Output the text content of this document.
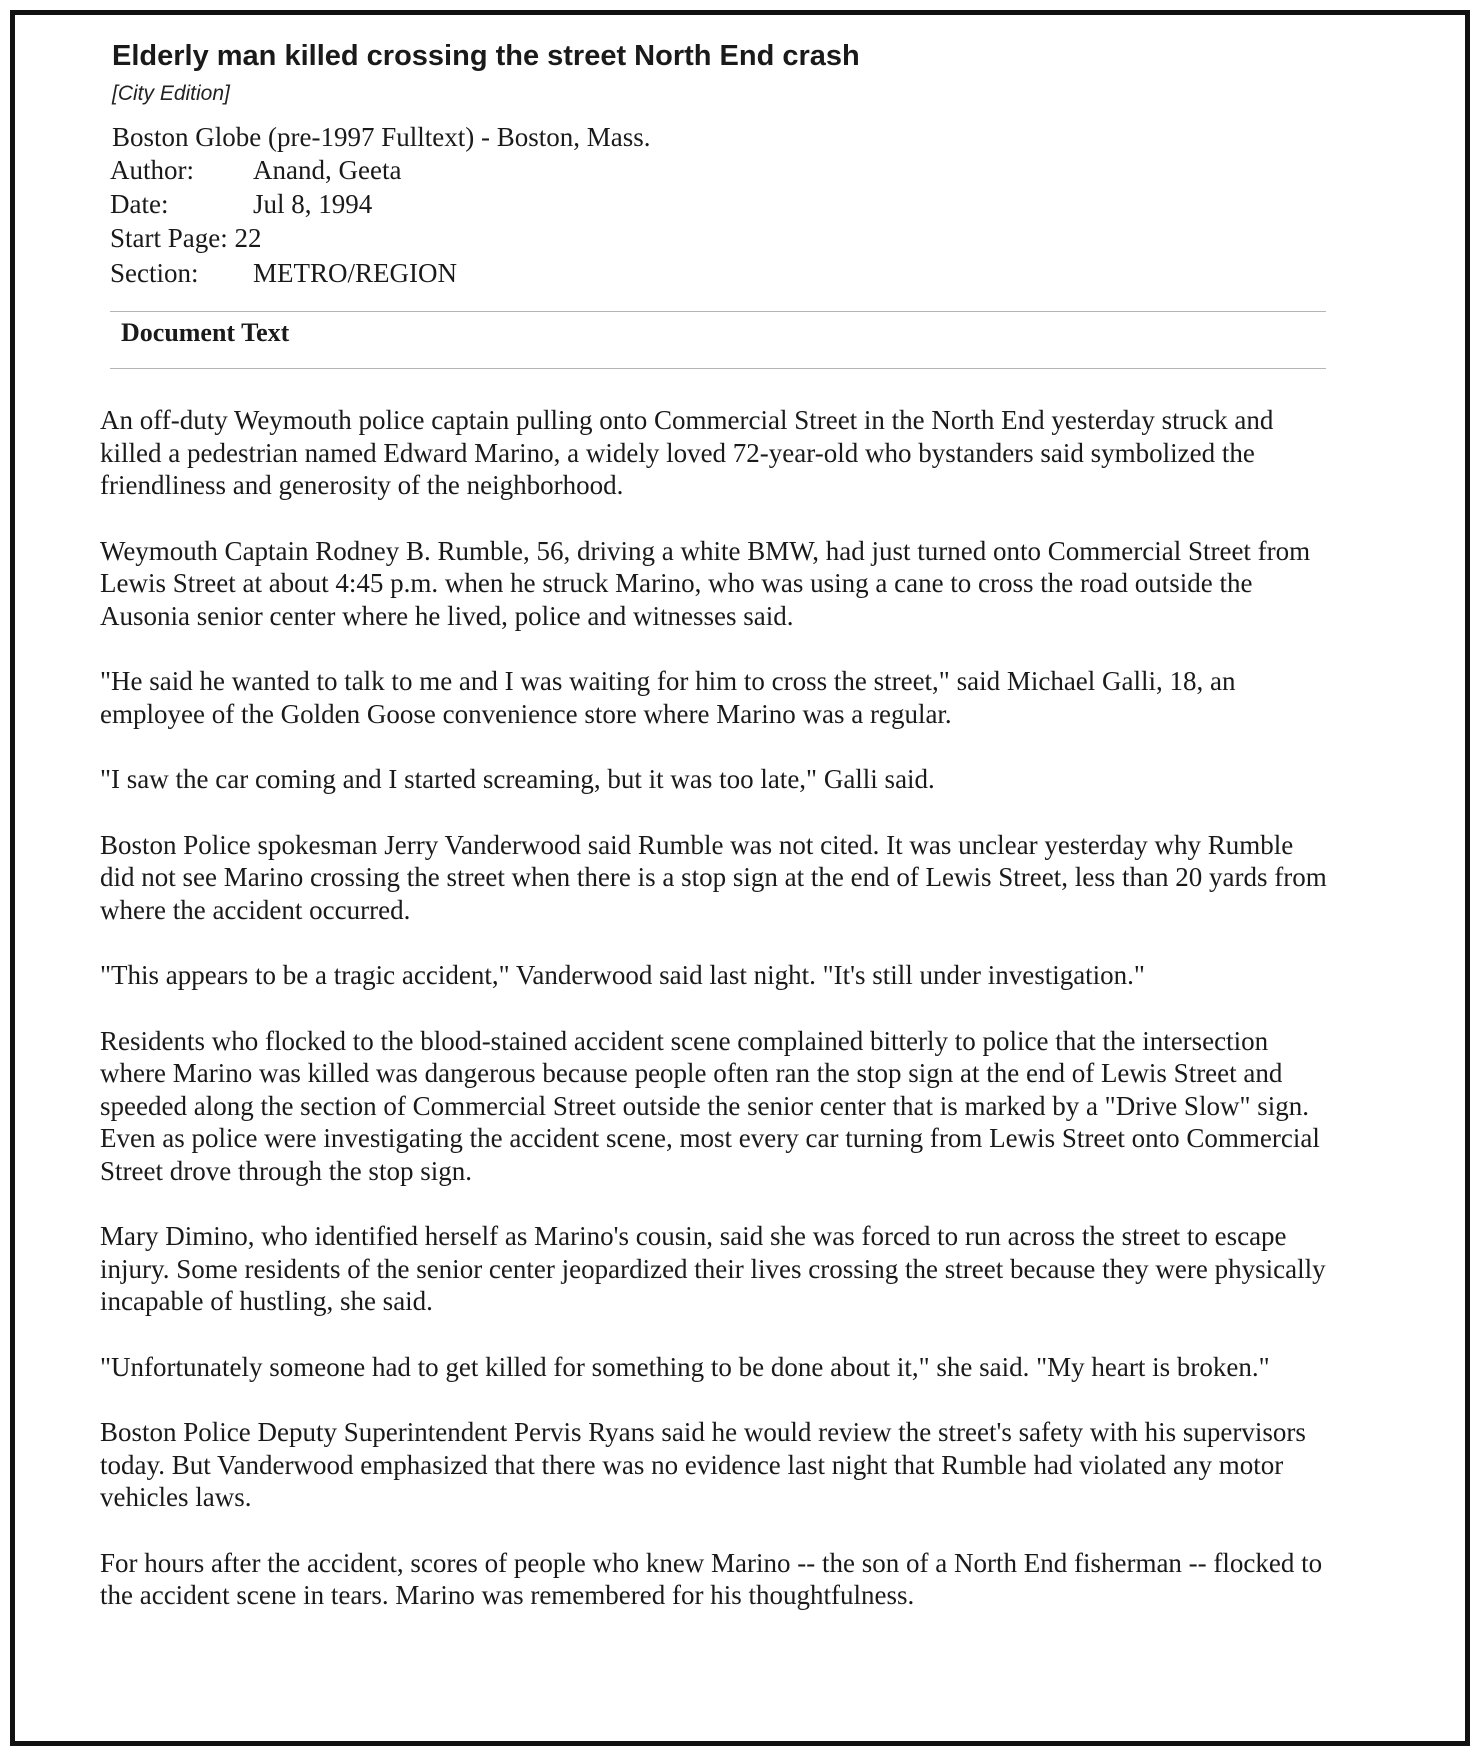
Elderly man killed crossing the street North End crash
[City Edition]
Boston Globe (pre-1997 Fulltext) - Boston, Mass.
Author: Anand, Geeta
Date:	Jul 8, 1994
Start Page: 22
Section: METRO/REGION
Document Text

An off-duty Weymouth police captain pulling onto Commercial Street in the North End yesterday struck and killed a pedestrian named Edward Marino, a widely loved 72-year-old who bystanders said symbolized the friendliness and generosity of the neighborhood.

Weymouth Captain Rodney B. Rumble, 56, driving a white BMW, had just turned onto Commercial Street from Lewis Street at about 4:45 p.m. when he struck Marino, who was using a cane to cross the road outside the Ausonia senior center where he lived, police and witnesses said.

"He said he wanted to talk to me and I was waiting for him to cross the street," said Michael Galli, 18, an employee of the Golden Goose convenience store where Marino was a regular.

"I saw the car coming and I started screaming, but it was too late," Galli said.

Boston Police spokesman Jerry Vanderwood said Rumble was not cited. It was unclear yesterday why Rumble did not see Marino crossing the street when there is a stop sign at the end of Lewis Street, less than 20 yards from where the accident occurred.

"This appears to be a tragic accident," Vanderwood said last night. "It's still under investigation."

Residents who flocked to the blood-stained accident scene complained bitterly to police that the intersection where Marino was killed was dangerous because people often ran the stop sign at the end of Lewis Street and speeded along the section of Commercial Street outside the senior center that is marked by a "Drive Slow" sign. Even as police were investigating the accident scene, most every car turning from Lewis Street onto Commercial Street drove through the stop sign.

Mary Dimino, who identified herself as Marino's cousin, said she was forced to run across the street to escape injury. Some residents of the senior center jeopardized their lives crossing the street because they were physically incapable of hustling, she said.

"Unfortunately someone had to get killed for something to be done about it," she said. "My heart is broken."

Boston Police Deputy Superintendent Pervis Ryans said he would review the street's safety with his supervisors today. But Vanderwood emphasized that there was no evidence last night that Rumble had violated any motor vehicles laws.

For hours after the accident, scores of people who knew Marino -- the son of a North End fisherman -- flocked to the accident scene in tears. Marino was remembered for his thoughtfulness.
